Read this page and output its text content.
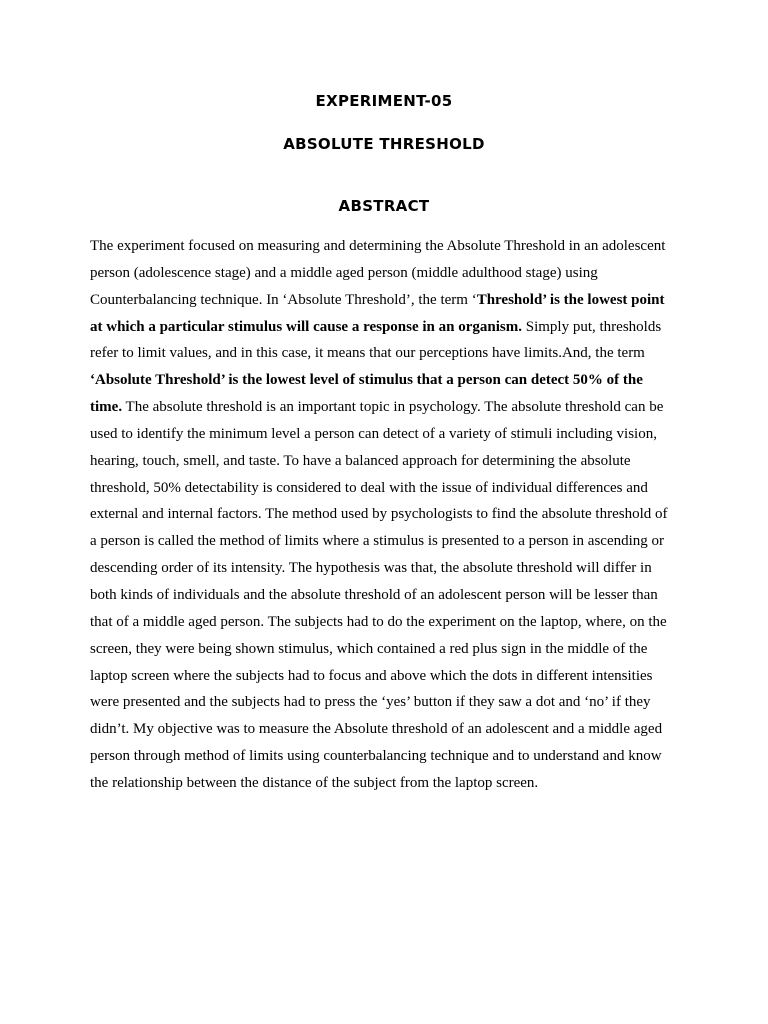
EXPERIMENT-05
ABSOLUTE THRESHOLD
ABSTRACT

The experiment focused on measuring and determining the Absolute Threshold in an adolescent person (adolescence stage) and a middle aged person (middle adulthood stage) using Counterbalancing technique. In ‘Absolute Threshold’, the term ‘Threshold’ is the lowest point at which a particular stimulus will cause a response in an organism. Simply put, thresholds refer to limit values, and in this case, it means that our perceptions have limits.And, the term ‘Absolute Threshold’ is the lowest level of stimulus that a person can detect 50% of the time. The absolute threshold is an important topic in psychology. The absolute threshold can be used to identify the minimum level a person can detect of a variety of stimuli including vision, hearing, touch, smell, and taste. To have a balanced approach for determining the absolute threshold, 50% detectability is considered to deal with the issue of individual differences and external and internal factors. The method used by psychologists to find the absolute threshold of a person is called the method of limits where a stimulus is presented to a person in ascending or descending order of its intensity. The hypothesis was that, the absolute threshold will differ in both kinds of individuals and the absolute threshold of an adolescent person will be lesser than that of a middle aged person. The subjects had to do the experiment on the laptop, where, on the screen, they were being shown stimulus, which contained a red plus sign in the middle of the laptop screen where the subjects had to focus and above which the dots in different intensities were presented and the subjects had to press the ‘yes’ button if they saw a dot and ‘no’ if they didn’t. My objective was to measure the Absolute threshold of an adolescent and a middle aged person through method of limits using counterbalancing technique and to understand and know the relationship between the distance of the subject from the laptop screen.
